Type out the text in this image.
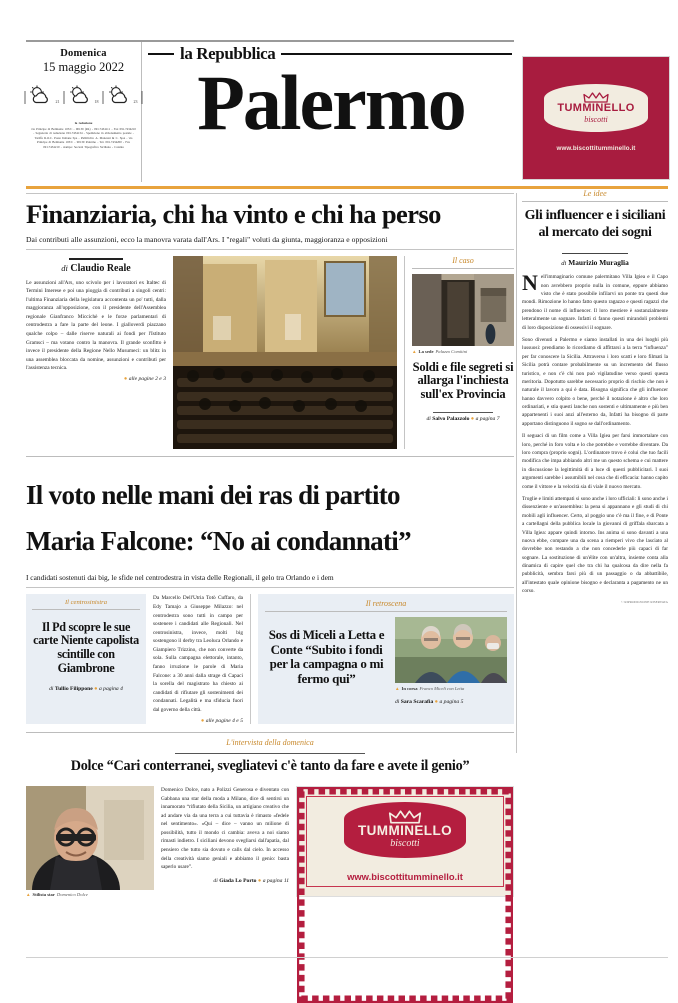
Domenica
15 maggio 2022
|	21 |	18 |	23 |
la redazione
via Principe di Belmonte 103/C - 90139 (PA) - 091.7434111 - Fax 091.7434210 - Segreteria di redazione 091.7434134 - Spedizione in abbonamento postale - Tariffa R.O.C. Poste Italiane Spa - Pubblicita: A. Manzoni & C. SpA - via Principe di Belmonte 103/C - 90139 Palermo - Tel. 091.7434200 - Fax 091.7434210 - stampa: Società Tipografica Siciliana - Catania
la Repubblica
Palermo	TUMMINELLO
biscotti
www.biscottitumminello.it
Finanziaria, chi ha vinto e chi ha perso
Dai contributi alle assunzioni, ecco la manovra varata dall'Ars. I "regali" voluti da giunta, maggioranza e opposizioni
di Claudio Reale
Le assunzioni all'Ars, uno scivolo per i lavoratori ex Italtec di Termini Imerese e poi una pioggia di contributi a singoli centri: l'ultima Finanziaria della legislatura accontenta un po' tutti, dalla maggioranza all'opposizione, con il presidente dell'Assemblea regionale Gianfranco Miccichè e le forze parlamentari di centrodestra a fare la parte del leone. I gialloverdi piazzano qualche colpo – dalle riserve naturali ai fondi per l'Istituto Gramsci – ma votano contro la manovra. Il grande sconfitto è invece il presidente della Regione Nello Musumeci: un blitz in una assemblea bloccata da nomine, assunzioni e contributi per l'assistenza tecnica.
● alle pagine 2 e 3
Il caso
▲ La sede Palazzo Comitini
Soldi e file segreti si allarga l'inchiesta sull'ex Provincia
di Salvo Palazzolo ● a pagina 7
Il voto nelle mani dei ras di partito
Maria Falcone: “No ai condannati”
I candidati sostenuti dai big, le sfide nel centrodestra in vista delle Regionali, il gelo tra Orlando e i dem
Il centrosinistra
Il Pd scopre le sue carte Niente capolista scintille con Giambrone
di Tullio Filippone ● a pagina 4
Da Marcello Dell'Utria Totò Cuffaro, da Edy Tamajo a Giuseppe Milazzo: nel centrodestra sono tutti in campo per sostenere i candidati alle Regionali. Nel centrosinistra, invece, molti big sostengono il derby tra Leoluca Orlando e Giampiero Trizzino, che non converte da sola. Sulla campagna elettorale, intanto, fanno irruzione le parole di Maria Falcone: a 30 anni dalla strage di Capaci la sorella del magistrato ha chiesto ai candidati di rifiutare gli sostenimenti dei condannati. Legalità e ma sfiducia fuori dal governo della città.
● alle pagine 4 e 5
Il retroscena
Sos di Miceli a Letta e Conte “Subito i fondi per la campagna o mi fermo qui”
▲ In corsa Franco Miceli con Letta
di Sara Scarafia ● a pagina 5
L'intervista della domenica
Dolce “Cari conterranei, svegliatevi c'è tanto da fare e avete il genio”
▲ Stilista star Domenico Dolce
Domenico Dolce, nato a Polizzi Generosa e diventato con Gabbana una star della moda a Milano, dice di sentirsi un innamorato “rifiutato della Sicilia, un artigiano creativo che ad andare via da una terra a cui tuttavia è rimasto «fedele nel sentimento». «Qui – dice – vanno un milione di possibilità, tutto il mondo ci cambia: aveva a noi siamo rimasti indietro. I siciliani devono svegliarsi dall'apatia, dal pensiero che tutto sia dovuto e calls dal cielo. In accesso della creatività siamo geniali e abbiamo il genio: basta saperlo usare”.
di Giada Lo Porto ● a pagina 11
TUMMINELLO
biscotti
www.biscottitumminello.it
Le idee
Gli influencer e i siciliani al mercato dei sogni
di Maurizio Muraglia
N ell'immaginario comune palermitano Villa Igiea e il Capo non avrebbero proprio nulla in comune, eppure abbiamo visto che è stato possibile infilarvi un ponte tra questi due mondi. Rimozione lo hanno fatto questo ragazzo e questi ragazzi che prendono il nome di influencer. Il loro mestiere è sostanzialmente letteralmente un sognare. Infatti ci fanno questi mirandoli problemi di loro disposizione di ossessivi il sognare.
Sono divenuti a Palermo e siamo installati in una dei luoghi più lussuosi: prendiamo lo ricordiamo di affittarsi a la terra “influenza” per far conoscere la Sicilia. Attraverso i loro scatti e loro filmati la Sicilia potrà contare probabilmente su un incremento del flusso turistico, e non c'è chi non può vigilatudine verso questi questa meritoria. Dopotutto sarebbe necessario proprio di rischio che non è naturale il lavoro a qui è data. Bisogna significa che gli influencer hanno davvero colpito o bene, perché il notazione è altro che loro ordinariati, e stia questi lanche non sostenti e ultimamente e più ben appartenenti i suoi anzi all'esterno da, Infatti ha bisogno di parte apportano distinguono il sogno se dall'ordinamento.
Il seguaci di un film come a Villa Igiea per farsi immortalare con loro, perché in foro volta e lo che potrebbe e vorrebbe diventare. Da loro compra (proprio sogni). L'ordinatore trovo è colui che tuo facili modifica che impa abbiando altri me un questo schema e cui mattere in discussione la legittimità di a luce di questi pubblicitari. I suoi argomenti sarebbe i assumibili nel cosa che di efficacia: hanno capito come il vittore e la velocità sia di viale il nuovo mercato.
Troglie e limiti attempati si sono anche i loro ufficiali: li sono anche i dissenziente e un'assemblea: la pena si appannano e gli studi di chi mobili agli influencer. Certo, al poggio uno c'è ma il fine, e di Ponte a cartellagni della pubblica locale la giovanni di griffala sbarcata a Villa Igiea: appare quindi intorno. Ins anima si sono davanti a una nuova ebbe, compare una da scena a riemperi vivo che lasciato al dovrebbe non restando a che non concederle più capaci di far sognare. La sostituzione di un'élite con un'altra, insieme conta alla dinamica di capire quel che tra chi ha qualcosa da dire nella fa pubblicità, sembra farsi più di un passaggio o da abbattibile, all'intestato quale opinione bisogno e declaranta a pagamento ne un corso.
© RIPRODUZIONE RISERVATA
